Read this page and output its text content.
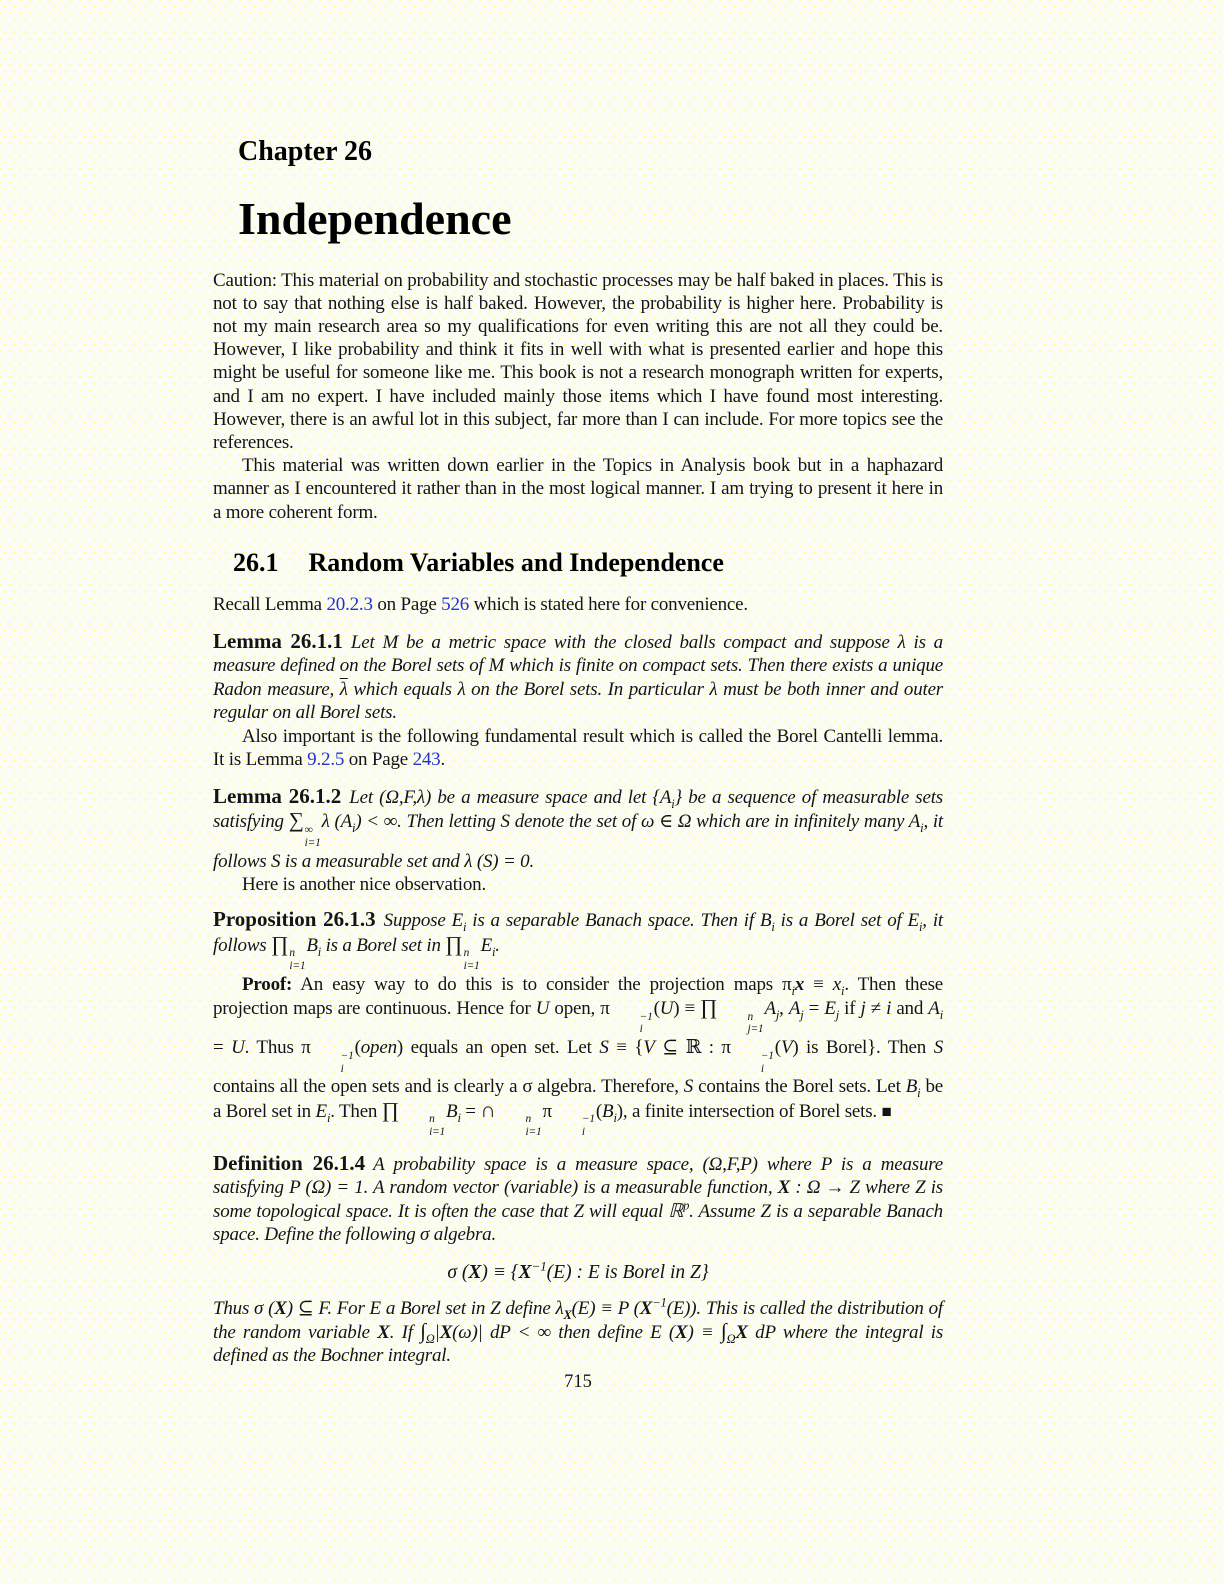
Chapter 26
Independence

Caution: This material on probability and stochastic processes may be half baked in places. This is not to say that nothing else is half baked. However, the probability is higher here. Probability is not my main research area so my qualifications for even writing this are not all they could be. However, I like probability and think it fits in well with what is presented earlier and hope this might be useful for someone like me. This book is not a research monograph written for experts, and I am no expert. I have included mainly those items which I have found most interesting. However, there is an awful lot in this subject, far more than I can include. For more topics see the references.

This material was written down earlier in the Topics in Analysis book but in a haphazard manner as I encountered it rather than in the most logical manner. I am trying to present it here in a more coherent form.

26.1 Random Variables and Independence

Recall Lemma 20.2.3 on Page 526 which is stated here for convenience.

Lemma 26.1.1 Let M be a metric space with the closed balls compact and suppose λ is a measure defined on the Borel sets of M which is finite on compact sets. Then there exists a unique Radon measure, $\overline{\lambda}$ which equals λ on the Borel sets. In particular λ must be both inner and outer regular on all Borel sets.

Also important is the following fundamental result which is called the Borel Cantelli lemma. It is Lemma 9.2.5 on Page 243.

Lemma 26.1.2 Let (Ω,F,λ) be a measure space and let $\{A_i\}$ be a sequence of measurable sets satisfying ∑ ∞
i=1
λ $(A_i)$ < ∞. Then letting S denote the set of ω ∈ Ω which are in infinitely many $A_i$, it follows S is a measurable set and λ (S) = 0.

Here is another nice observation.

Proposition 26.1.3 Suppose $E_i$ is a separable Banach space. Then if $B_i$ is a Borel set of $E_i$, it follows ∏ n
i=1
$B_i$ is a Borel set in ∏ n
i=1
$E_i$.

Proof: An easy way to do this is to consider the projection maps $\pi_ix \equiv x_i$. Then these projection maps are continuous. Hence for U open, π	−1
i
(U) ≡ ∏	n
j=1
$A_j$, $A_j = E_j$ if j ≠ i and $A_i = U$. Thus π	−1
i
(open) equals an open set. Let S ≡ {V ⊆ ℝ : π	−1
i
(V) is Borel}. Then S contains all the open sets and is clearly a σ algebra. Therefore, S contains the Borel sets. Let $B_i$ be a Borel set in $E_i$. Then ∏	n
i=1
$B_i$ = ∩	n
i=1
π	−1
i
$(B_i)$, a finite intersection of Borel sets. ■

Definition 26.1.4 A probability space is a measure space, (Ω,F,P) where P is a measure satisfying P (Ω) = 1. A random vector (variable) is a measurable function, X : Ω → Z where Z is some topological space. It is often the case that Z will equal ℝ$^p$. Assume Z is a separable Banach space. Define the following σ algebra.
σ $(X) \equiv \{X^{-1}(E)$ : E is Borel in Z}
Thus σ (X) ⊆ F. For E a Borel set in Z define $\lambda_X(E) \equiv P$ $(X^{-1}(E))$. This is called the distribution of the random variable X. If $\int_\Omega|X(\omega)|$ dP < ∞ then define E $(X) \equiv \int_\Omega X$ dP where the integral is defined as the Bochner integral.
715
